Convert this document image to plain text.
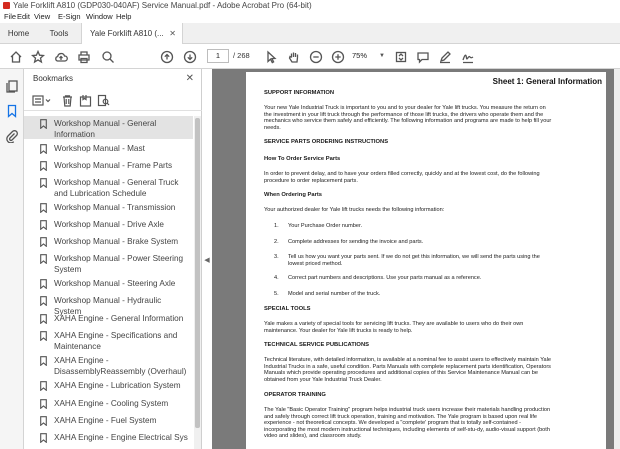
Yale Forklift A810 (GDP030-040AF) Service Manual.pdf - Adobe Acrobat Pro (64-bit)
File Edit View E-Sign Window Help
Home	Tools	Yale Forklift A810 (... ✕
1	/ 268	75% ▼
Bookmarks	✕
Workshop Manual - General Information
Workshop Manual - Mast
Workshop Manual - Frame Parts
Workshop Manual - General Truck and Lubrication Schedule
Workshop Manual - Transmission
Workshop Manual - Drive Axle
Workshop Manual - Brake System
Workshop Manual - Power Steering System
Workshop Manual - Steering Axle
Workshop Manual - Hydraulic System
XAHA Engine - General Information
XAHA Engine - Specifications and Maintenance
XAHA Engine - DisassemblyReassembly (Overhaul)
XAHA Engine - Lubrication System
XAHA Engine - Cooling System
XAHA Engine - Fuel System
XAHA Engine - Engine Electrical Sys
◀
Sheet 1: General Information
SUPPORT INFORMATION
Your new Yale Industrial Truck is important to you and to your dealer for Yale lift trucks. You measure the return on
the investment in your lift truck through the performance of those lift trucks, the drivers who operate them and the
mechanics who service them safely and efficiently. The following information and programs are made to help fill your
needs.
SERVICE PARTS ORDERING INSTRUCTIONS
How To Order Service Parts
In order to prevent delay, and to have your orders filled correctly, quickly and at the lowest cost, do the following
procedure to order replacement parts.
When Ordering Parts
Your authorized dealer for Yale lift trucks needs the following information:
1. Your Purchase Order number.
2. Complete addresses for sending the invoice and parts.
3. Tell us how you want your parts sent. If we do not get this information, we will send the parts using the
lowest priced method.
4. Correct part numbers and descriptions. Use your parts manual as a reference.
5. Model and serial number of the truck.
SPECIAL TOOLS
Yale makes a variety of special tools for servicing lift trucks. They are available to users who do their own
maintenance. Your dealer for Yale lift trucks is ready to help.
TECHNICAL SERVICE PUBLICATIONS
Technical literature, with detailed information, is available at a nominal fee to assist users to effectively maintain Yale
Industrial Trucks in a safe, useful condition. Parts Manuals with complete replacement parts identification, Operators
Manuals which provide operating procedures and additional copies of this Service Maintenance Manual can be
obtained from your Yale Industrial Truck Dealer.
OPERATOR TRAINING
The Yale "Basic Operator Training" program helps industrial truck users increase their materials handling production
and safely through correct lift truck operation, training and motivation. The Yale program is based upon real life
experience - not theoretical concepts. We developed a "complete' program that is totally self-contained -
incorporating the most modern instructional techniques, including elements of self-stu-dy, audio-visual support (both
video and slides), and classroom study.
